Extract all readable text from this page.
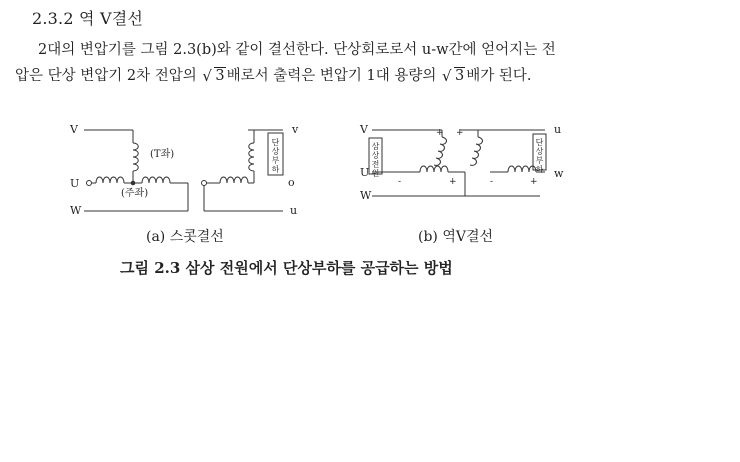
2.3.2 역 V결선
2대의 변압기를 그림 2.3(b)와 같이 결선한다. 단상회로로서 u-w간에 얻어지는 전
압은 단상 변압기 2차 전압의 √ 3 배로서 출력은 변압기 1대 용량의 √ 3 배가 된다.
V
U
W
(T좌)
(주좌)
단
상
부
하
v
o
u
V
U
W
삼
상
전
원
단
상
부
하
+ +
-	+	-	+
u
w
(a) 스콧결선	(b) 역V결선
그림 2.3 삼상 전원에서 단상부하를 공급하는 방법
